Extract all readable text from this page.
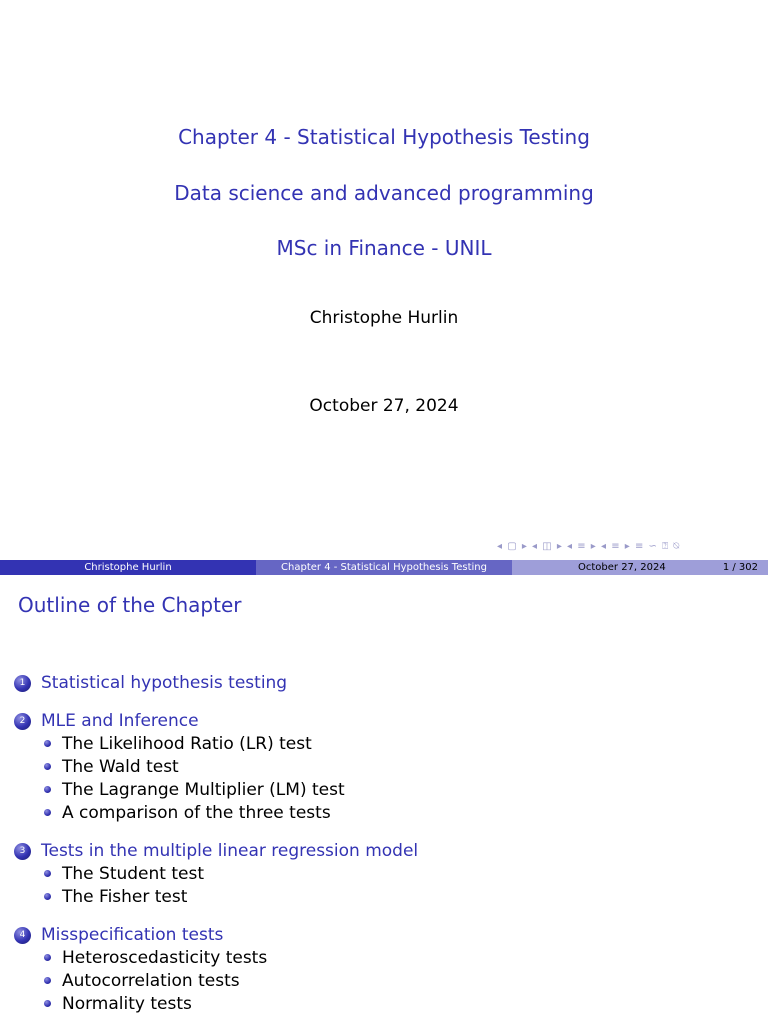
Chapter 4 - Statistical Hypothesis Testing
Data science and advanced programming
MSc in Finance - UNIL
Christophe Hurlin
October 27, 2024
◂ ▢ ▸ ◂ ◫ ▸ ◂ ≡ ▸ ◂ ≡ ▸ ≡ ∽ ⍰ ⍉
Christophe Hurlin	Chapter 4 - Statistical Hypothesis Testing	October 27, 2024	1 / 302
Outline of the Chapter
1 Statistical hypothesis testing
2 MLE and Inference
The Likelihood Ratio (LR) test
The Wald test
The Lagrange Multiplier (LM) test
A comparison of the three tests
3 Tests in the multiple linear regression model
The Student test
The Fisher test
4 Misspecification tests
Heteroscedasticity tests
Autocorrelation tests
Normality tests
